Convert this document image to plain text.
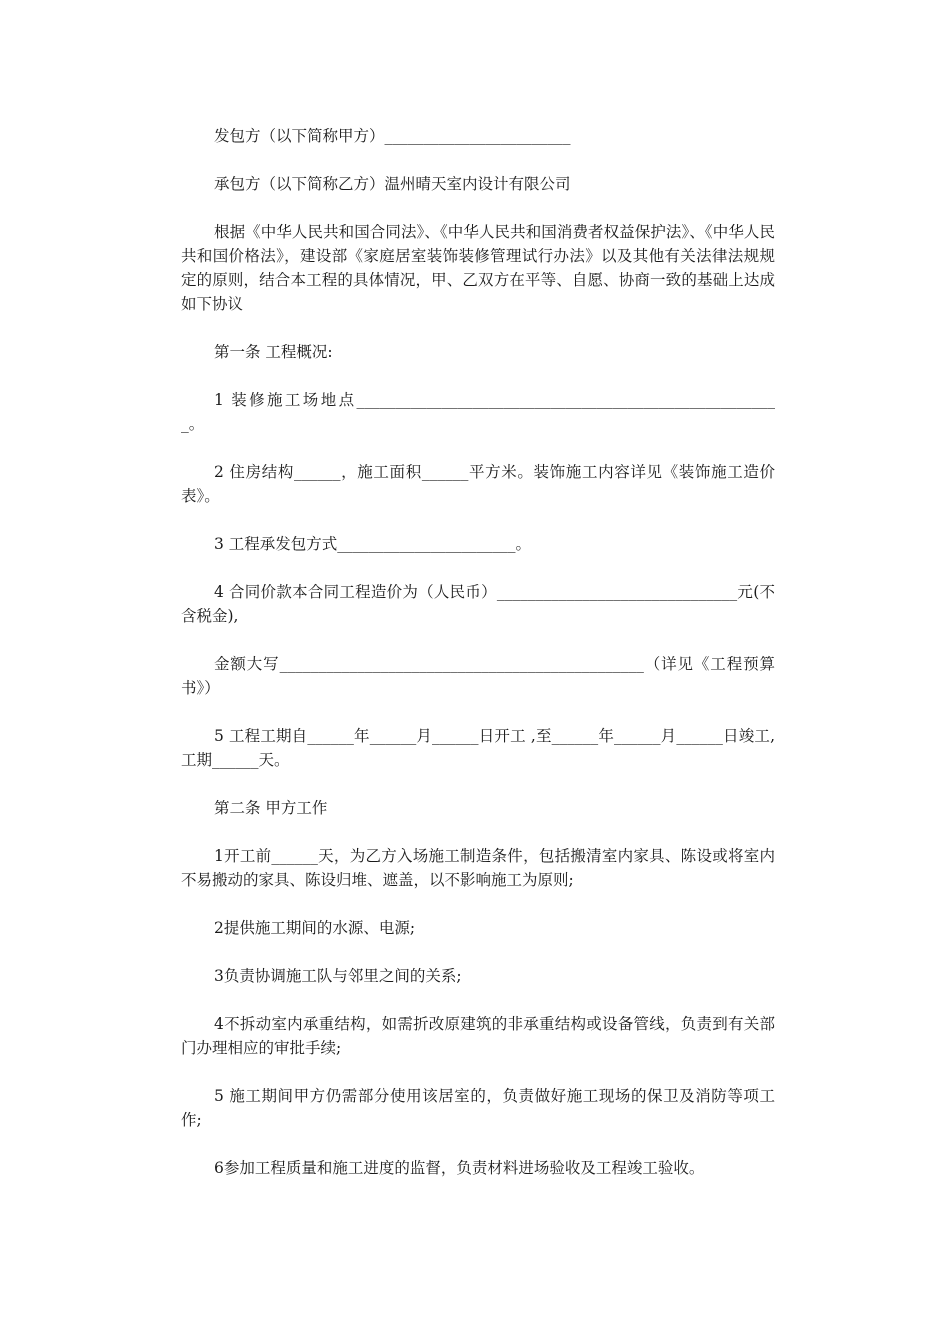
发包方（以下简称甲方）________________________

承包方（以下简称乙方）温州晴天室内设计有限公司

根据《中华人民共和国合同法》、《中华人民共和国消费者权益保护法》、《中华人民共和国价格法》，建设部《家庭居室装饰装修管理试行办法》以及其他有关法律法规规定的原则，结合本工程的具体情况，甲、乙双方在平等、自愿、协商一致的基础上达成如下协议

第一条 工程概况:

1 装修施工场地点_______________________________________________________。

2 住房结构______，施工面积______平方米。装饰施工内容详见《装饰施工造价表》。

3 工程承发包方式_______________________。

4 合同价款本合同工程造价为（人民币）_______________________________元(不含税金),

金额大写_______________________________________________（详见《工程预算书》）

5 工程工期自______年______月______日开工 ,至______年______月______日竣工,工期______天。

第二条 甲方工作

1开工前______天，为乙方入场施工制造条件，包括搬清室内家具、陈设或将室内不易搬动的家具、陈设归堆、遮盖，以不影响施工为原则;

2提供施工期间的水源、电源;

3负责协调施工队与邻里之间的关系;

4不拆动室内承重结构，如需折改原建筑的非承重结构或设备管线，负责到有关部门办理相应的审批手续;

5 施工期间甲方仍需部分使用该居室的，负责做好施工现场的保卫及消防等项工作;

6参加工程质量和施工进度的监督，负责材料进场验收及工程竣工验收。
